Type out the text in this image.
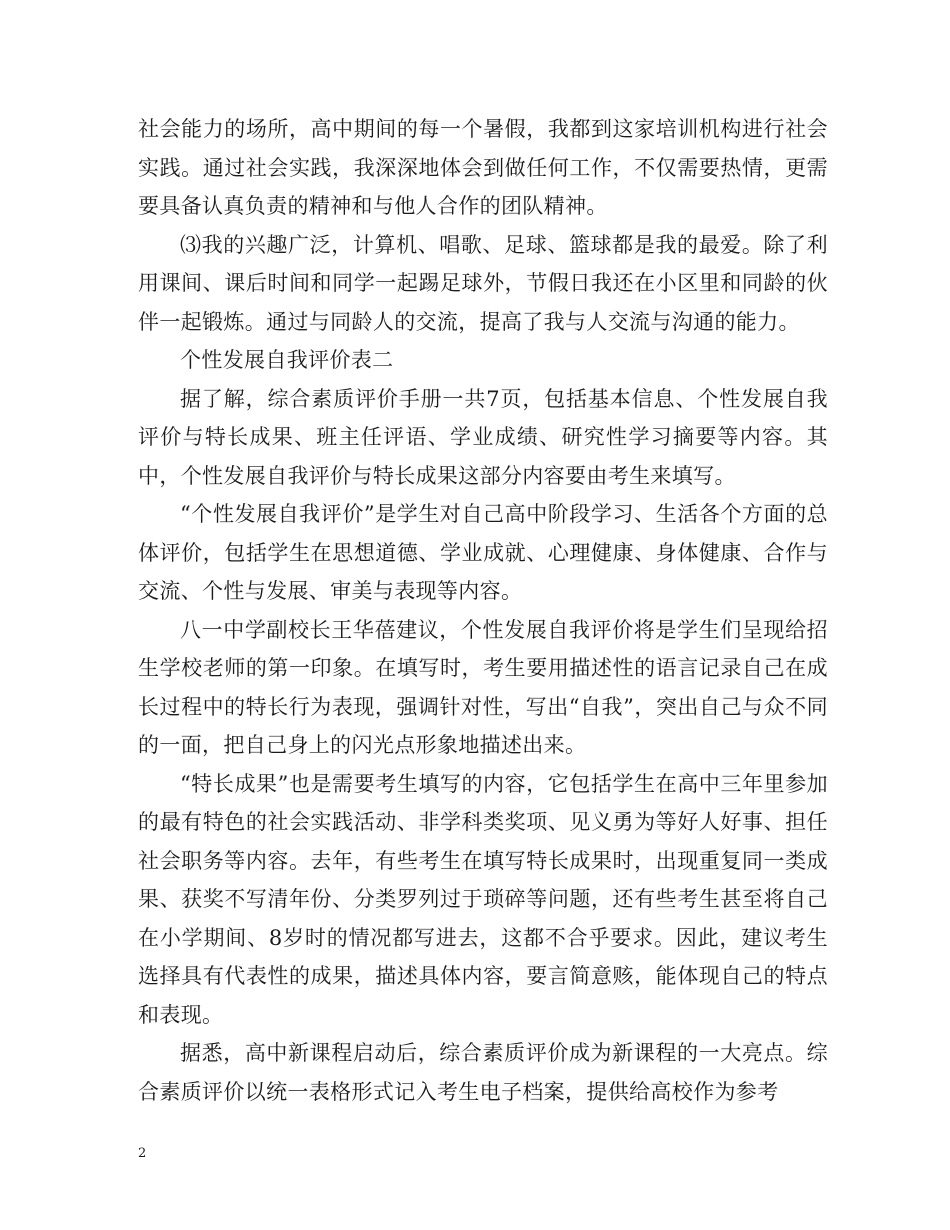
社会能力的场所，高中期间的每一个暑假，我都到这家培训机构进行社会实践。通过社会实践，我深深地体会到做任何工作，不仅需要热情，更需要具备认真负责的精神和与他人合作的团队精神。

⑶我的兴趣广泛，计算机、唱歌、足球、篮球都是我的最爱。除了利用课间、课后时间和同学一起踢足球外，节假日我还在小区里和同龄的伙伴一起锻炼。通过与同龄人的交流，提高了我与人交流与沟通的能力。

个性发展自我评价表二

据了解，综合素质评价手册一共7页，包括基本信息、个性发展自我评价与特长成果、班主任评语、学业成绩、研究性学习摘要等内容。其中，个性发展自我评价与特长成果这部分内容要由考生来填写。

“个性发展自我评价”是学生对自己高中阶段学习、生活各个方面的总体评价，包括学生在思想道德、学业成就、心理健康、身体健康、合作与交流、个性与发展、审美与表现等内容。

八一中学副校长王华蓓建议，个性发展自我评价将是学生们呈现给招生学校老师的第一印象。在填写时，考生要用描述性的语言记录自己在成长过程中的特长行为表现，强调针对性，写出“自我”，突出自己与众不同的一面，把自己身上的闪光点形象地描述出来。

“特长成果”也是需要考生填写的内容，它包括学生在高中三年里参加的最有特色的社会实践活动、非学科类奖项、见义勇为等好人好事、担任社会职务等内容。去年，有些考生在填写特长成果时，出现重复同一类成果、获奖不写清年份、分类罗列过于琐碎等问题，还有些考生甚至将自己在小学期间、8岁时的情况都写进去，这都不合乎要求。因此，建议考生选择具有代表性的成果，描述具体内容，要言简意赅，能体现自己的特点和表现。

据悉，高中新课程启动后，综合素质评价成为新课程的一大亮点。综合素质评价以统一表格形式记入考生电子档案，提供给高校作为参考

2
